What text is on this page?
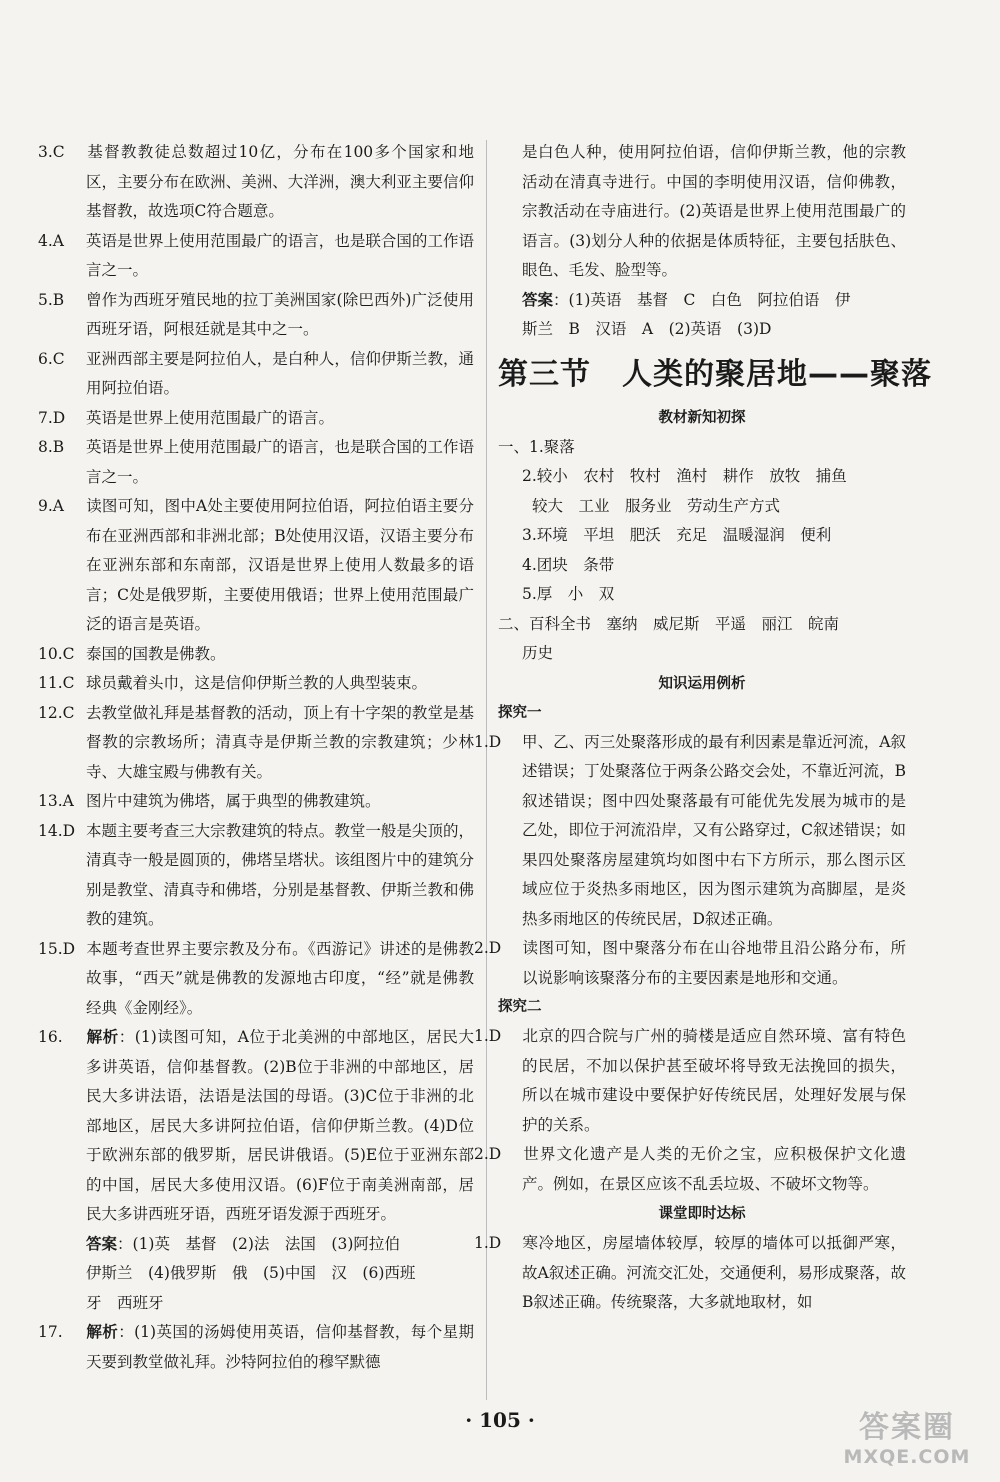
3.C 基督教教徒总数超过10亿，分布在100多个国家和地区，主要分布在欧洲、美洲、大洋洲，澳大利亚主要信仰基督教，故选项C符合题意。
4.A 英语是世界上使用范围最广的语言，也是联合国的工作语言之一。
5.B 曾作为西班牙殖民地的拉丁美洲国家(除巴西外)广泛使用西班牙语，阿根廷就是其中之一。
6.C 亚洲西部主要是阿拉伯人，是白种人，信仰伊斯兰教，通用阿拉伯语。
7.D 英语是世界上使用范围最广的语言。
8.B 英语是世界上使用范围最广的语言，也是联合国的工作语言之一。
9.A 读图可知，图中A处主要使用阿拉伯语，阿拉伯语主要分布在亚洲西部和非洲北部；B处使用汉语，汉语主要分布在亚洲东部和东南部，汉语是世界上使用人数最多的语言；C处是俄罗斯，主要使用俄语；世界上使用范围最广泛的语言是英语。
10.C 泰国的国教是佛教。
11.C 球员戴着头巾，这是信仰伊斯兰教的人典型装束。
12.C 去教堂做礼拜是基督教的活动，顶上有十字架的教堂是基督教的宗教场所；清真寺是伊斯兰教的宗教建筑；少林寺、大雄宝殿与佛教有关。
13.A 图片中建筑为佛塔，属于典型的佛教建筑。
14.D 本题主要考查三大宗教建筑的特点。教堂一般是尖顶的，清真寺一般是圆顶的，佛塔呈塔状。该组图片中的建筑分别是教堂、清真寺和佛塔，分别是基督教、伊斯兰教和佛教的建筑。
15.D 本题考查世界主要宗教及分布。《西游记》讲述的是佛教故事，“西天”就是佛教的发源地古印度，“经”就是佛教经典《金刚经》。
16. 解析：(1)读图可知，A位于北美洲的中部地区，居民大多讲英语，信仰基督教。(2)B位于非洲的中部地区，居民大多讲法语，法语是法国的母语。(3)C位于非洲的北部地区，居民大多讲阿拉伯语，信仰伊斯兰教。(4)D位于欧洲东部的俄罗斯，居民讲俄语。(5)E位于亚洲东部的中国，居民大多使用汉语。(6)F位于南美洲南部，居民大多讲西班牙语，西班牙语发源于西班牙。
答案：(1)英　基督　(2)法　法国　(3)阿拉伯
伊斯兰　(4)俄罗斯　俄　(5)中国　汉　(6)西班
牙　西班牙
17. 解析：(1)英国的汤姆使用英语，信仰基督教，每个星期天要到教堂做礼拜。沙特阿拉伯的穆罕默德
是白色人种，使用阿拉伯语，信仰伊斯兰教，他的宗教活动在清真寺进行。中国的李明使用汉语，信仰佛教，宗教活动在寺庙进行。(2)英语是世界上使用范围最广的语言。(3)划分人种的依据是体质特征，主要包括肤色、眼色、毛发、脸型等。
答案：(1)英语　基督　C　白色　阿拉伯语　伊
斯兰　B　汉语　A　(2)英语　(3)D
第三节　人类的聚居地——聚落
教材新知初探
一、1.聚落
2.较小　农村　牧村　渔村　耕作　放牧　捕鱼
较大　工业　服务业　劳动生产方式
3.环境　平坦　肥沃　充足　温暖湿润　便利
4.团块　条带
5.厚　小　双
二、百科全书　塞纳　威尼斯　平遥　丽江　皖南
历史
知识运用例析
探究一
1.D 甲、乙、丙三处聚落形成的最有利因素是靠近河流，A叙述错误；丁处聚落位于两条公路交会处，不靠近河流，B叙述错误；图中四处聚落最有可能优先发展为城市的是乙处，即位于河流沿岸，又有公路穿过，C叙述错误；如果四处聚落房屋建筑均如图中右下方所示，那么图示区域应位于炎热多雨地区，因为图示建筑为高脚屋，是炎热多雨地区的传统民居，D叙述正确。
2.D 读图可知，图中聚落分布在山谷地带且沿公路分布，所以说影响该聚落分布的主要因素是地形和交通。
探究二
1.D 北京的四合院与广州的骑楼是适应自然环境、富有特色的民居，不加以保护甚至破坏将导致无法挽回的损失，所以在城市建设中要保护好传统民居，处理好发展与保护的关系。
2.D 世界文化遗产是人类的无价之宝，应积极保护文化遗产。例如，在景区应该不乱丢垃圾、不破坏文物等。
课堂即时达标
1.D 寒冷地区，房屋墙体较厚，较厚的墙体可以抵御严寒，故A叙述正确。河流交汇处，交通便利，易形成聚落，故B叙述正确。传统聚落，大多就地取材，如
· 105 ·	答案圈
MXQE.COM
